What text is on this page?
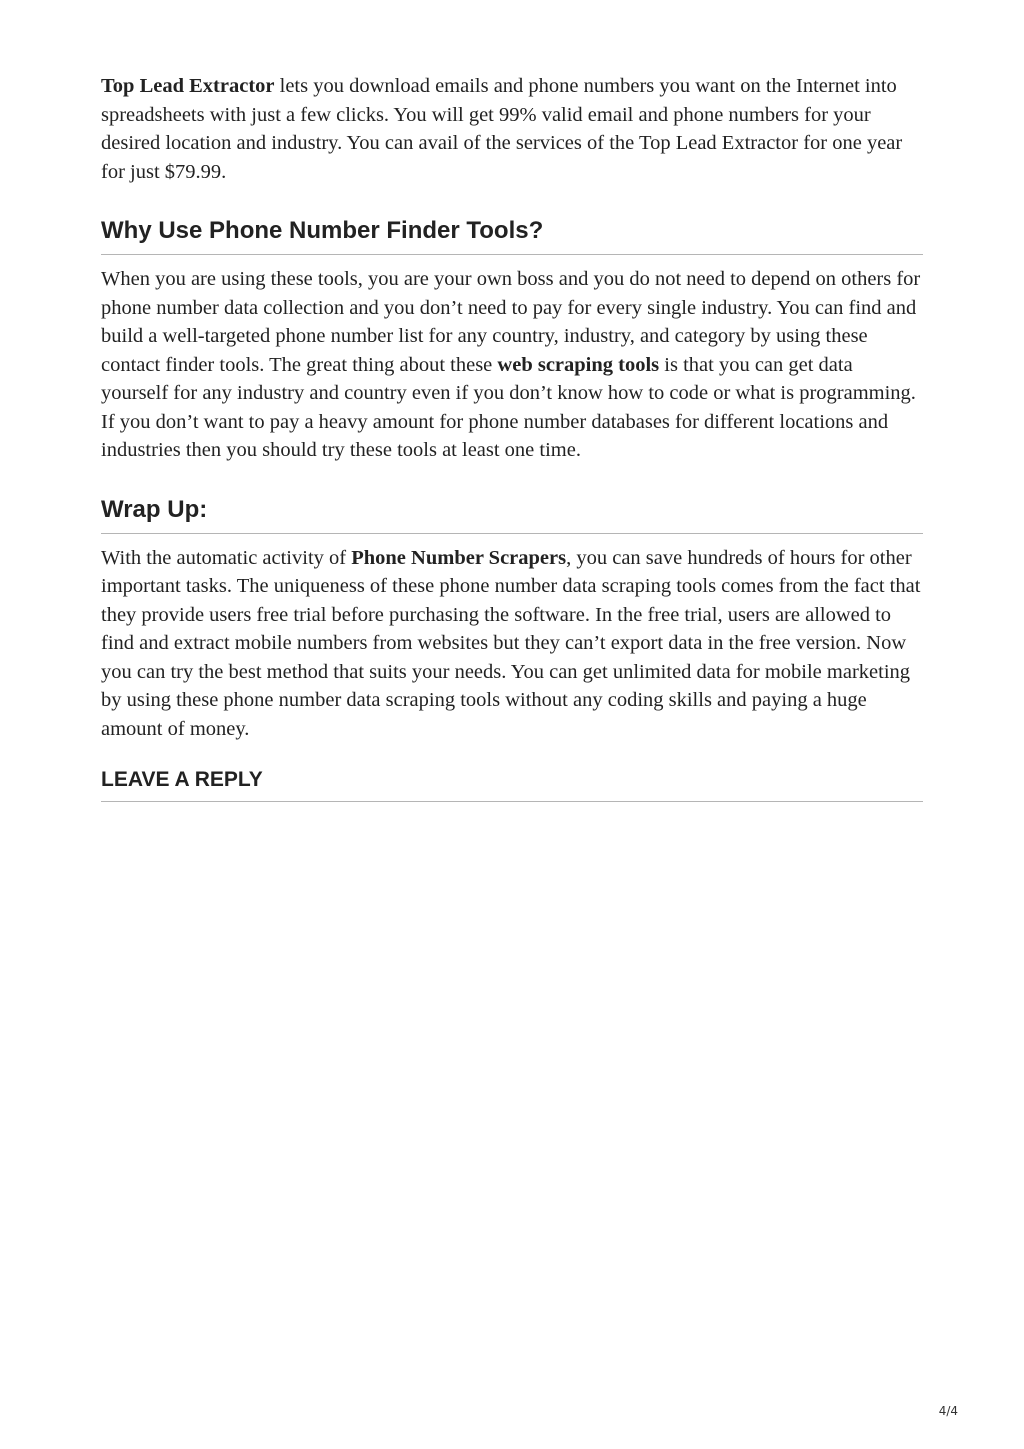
Top Lead Extractor lets you download emails and phone numbers you want on the Internet into spreadsheets with just a few clicks. You will get 99% valid email and phone numbers for your desired location and industry. You can avail of the services of the Top Lead Extractor for one year for just $79.99.

Why Use Phone Number Finder Tools?

When you are using these tools, you are your own boss and you do not need to depend on others for phone number data collection and you don’t need to pay for every single industry. You can find and build a well-targeted phone number list for any country, industry, and category by using these contact finder tools. The great thing about these web scraping tools is that you can get data yourself for any industry and country even if you don’t know how to code or what is programming. If you don’t want to pay a heavy amount for phone number databases for different locations and industries then you should try these tools at least one time.

Wrap Up:

With the automatic activity of Phone Number Scrapers, you can save hundreds of hours for other important tasks. The uniqueness of these phone number data scraping tools comes from the fact that they provide users free trial before purchasing the software. In the free trial, users are allowed to find and extract mobile numbers from websites but they can’t export data in the free version. Now you can try the best method that suits your needs. You can get unlimited data for mobile marketing by using these phone number data scraping tools without any coding skills and paying a huge amount of money.

LEAVE A REPLY
4/4
